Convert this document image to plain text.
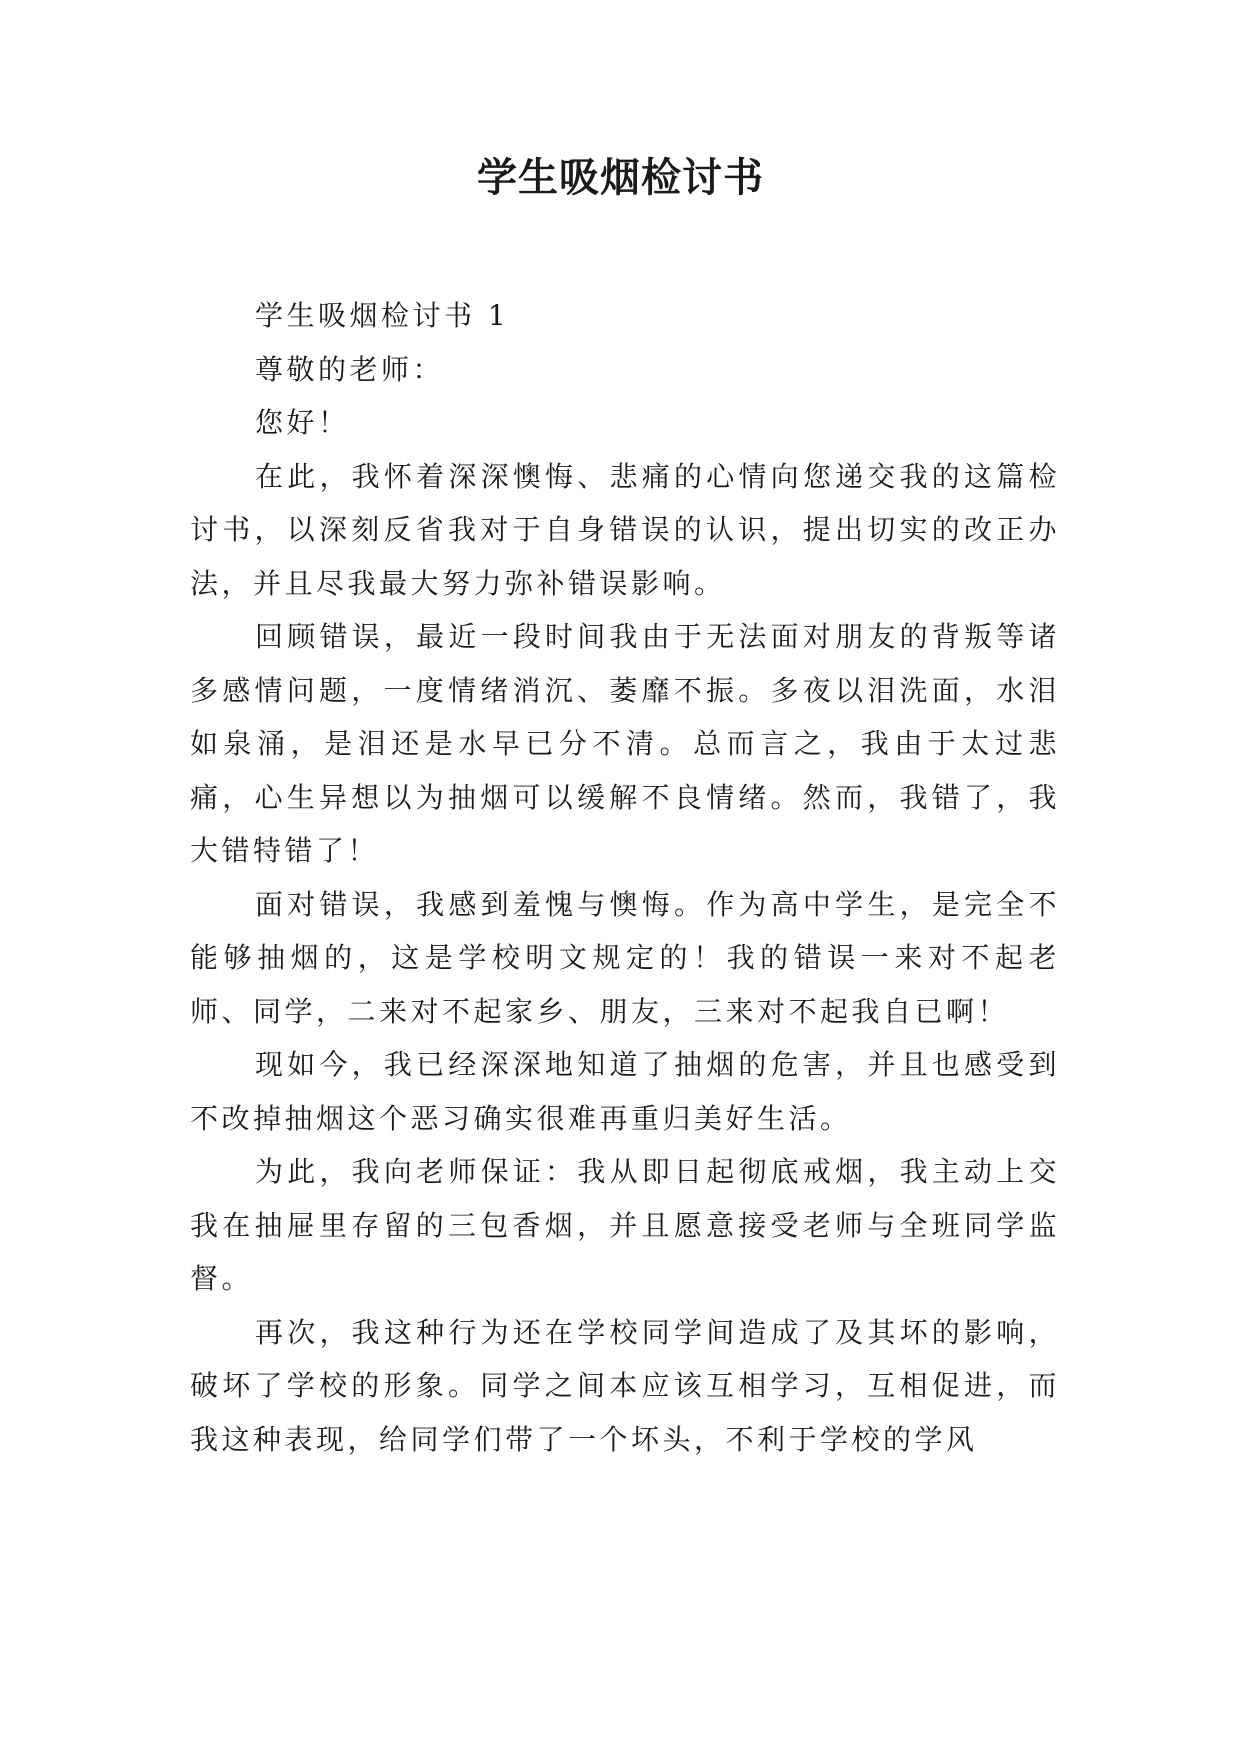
学生吸烟检讨书

学生吸烟检讨书 1

尊敬的老师：

您好！

在此，我怀着深深懊悔、悲痛的心情向您递交我的这篇检讨书，以深刻反省我对于自身错误的认识，提出切实的改正办法，并且尽我最大努力弥补错误影响。

回顾错误，最近一段时间我由于无法面对朋友的背叛等诸多感情问题，一度情绪消沉、萎靡不振。多夜以泪洗面，水泪如泉涌，是泪还是水早已分不清。总而言之，我由于太过悲痛，心生异想以为抽烟可以缓解不良情绪。然而，我错了，我大错特错了！

面对错误，我感到羞愧与懊悔。作为高中学生，是完全不能够抽烟的，这是学校明文规定的！我的错误一来对不起老师、同学，二来对不起家乡、朋友，三来对不起我自已啊！

现如今，我已经深深地知道了抽烟的危害，并且也感受到不改掉抽烟这个恶习确实很难再重归美好生活。

为此，我向老师保证：我从即日起彻底戒烟，我主动上交我在抽屉里存留的三包香烟，并且愿意接受老师与全班同学监督。

再次，我这种行为还在学校同学间造成了及其坏的影响，破坏了学校的形象。同学之间本应该互相学习，互相促进，而我这种表现，给同学们带了一个坏头，不利于学校的学风
